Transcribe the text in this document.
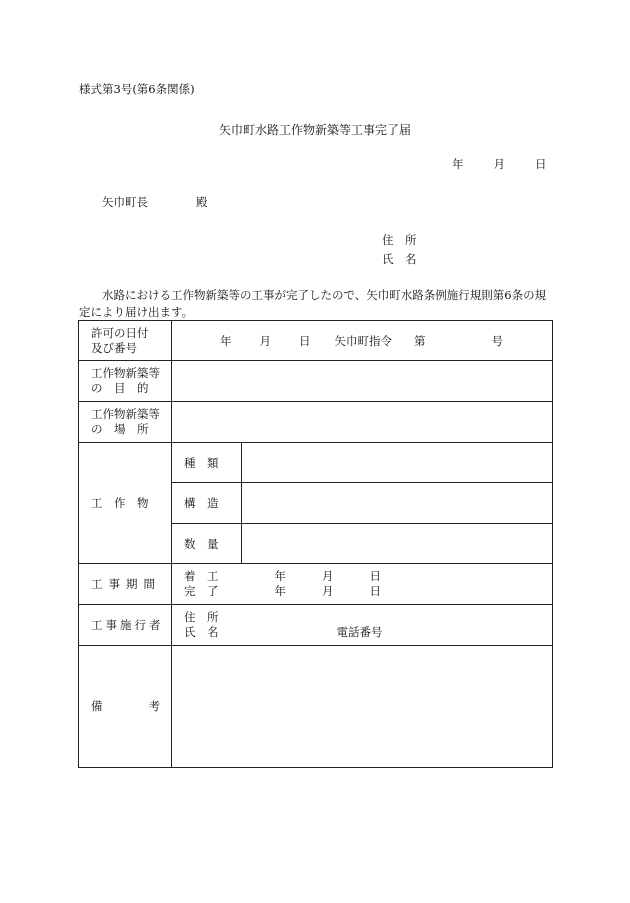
様式第3号(第6条関係)
矢巾町水路工作物新築等工事完了届
年	月	日
矢巾町長	殿
住　所
氏　名
水路における工作物新築等の工事が完了したので、矢巾町水路条例施行規則第6条の規定により届け出ます。
許可の日付
及び番号	年 月 日 矢巾町指令 第 号	

工作物新築等
の　目　的		

工作物新築等
の　場　所		

工　作　物	種　類	
	構　造	
	数　量	
工事期間	着　工 年 月 日
完　了 年 月 日	

工事施行者	住　所
氏　名 電話番号	

備　　　　考		
